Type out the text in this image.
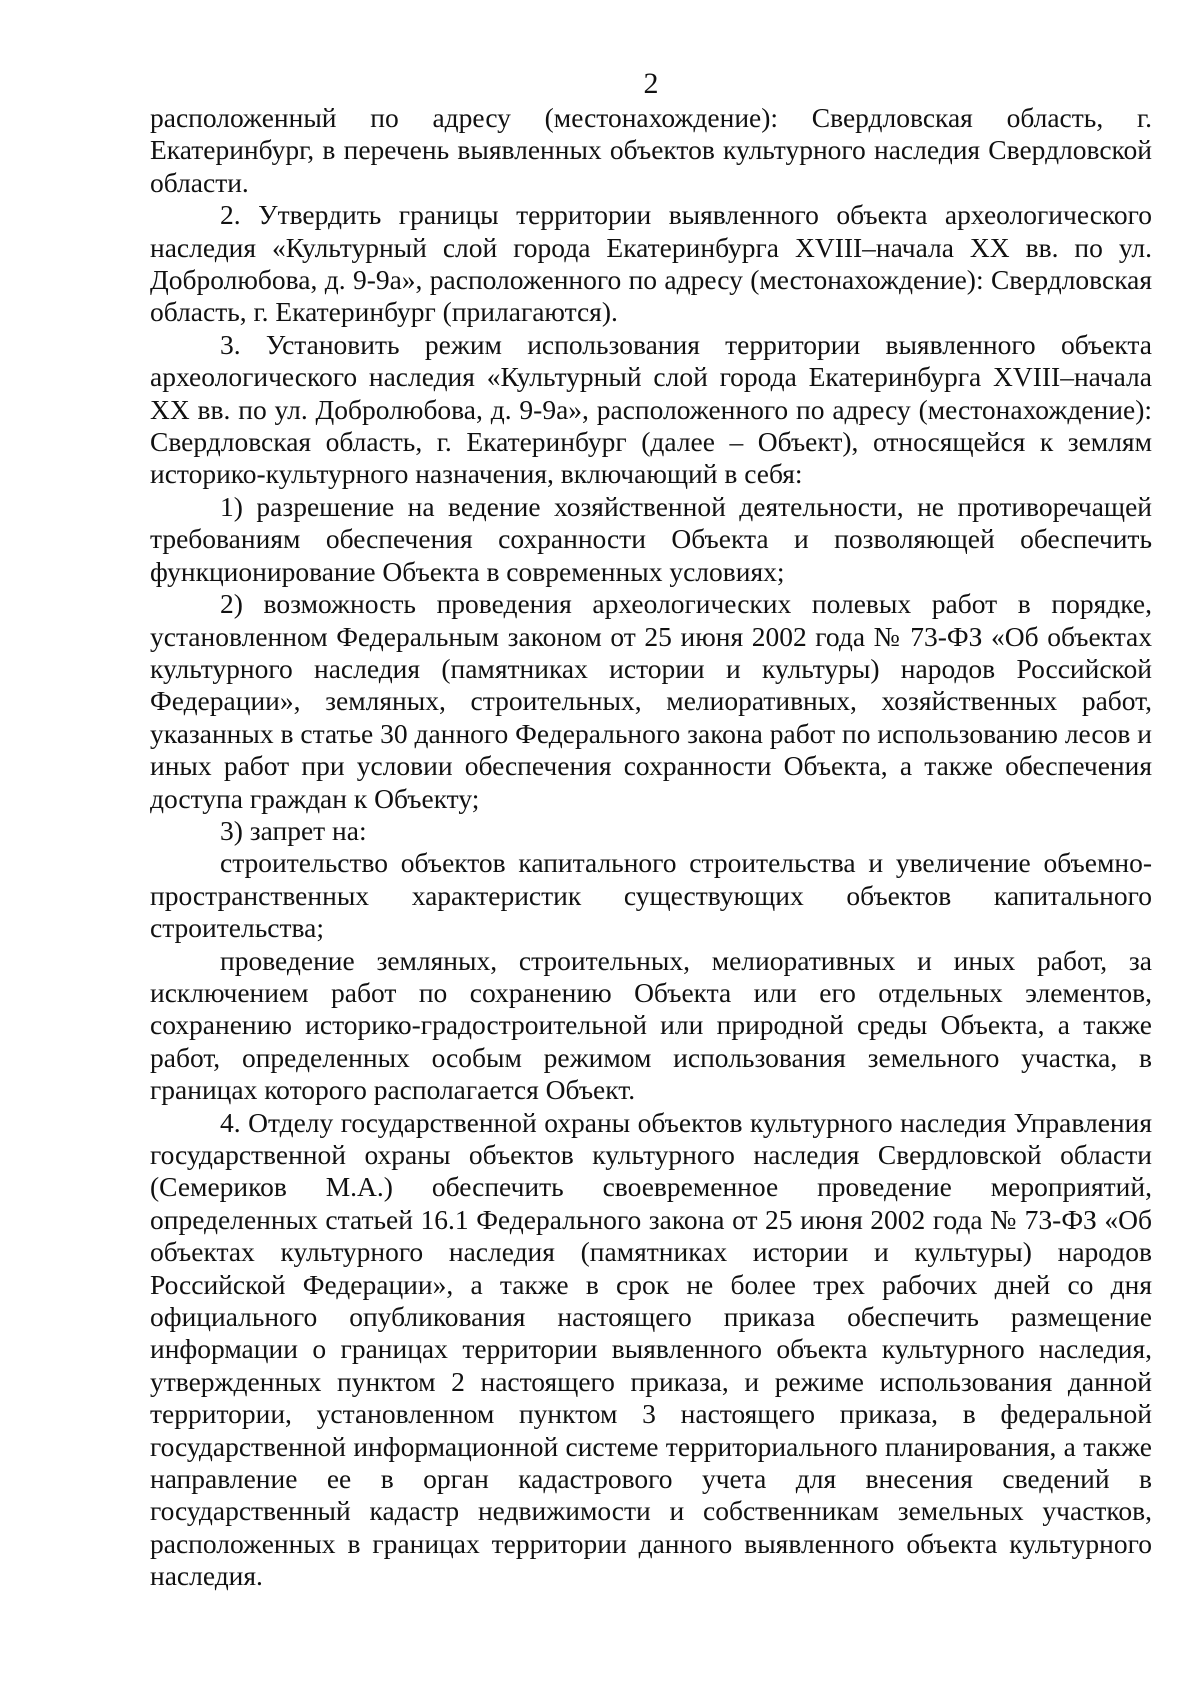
2

расположенный по адресу (местонахождение): Свердловская область, г. Екатеринбург, в перечень выявленных объектов культурного наследия Свердловской области.

2. Утвердить границы территории выявленного объекта археологического наследия «Культурный слой города Екатеринбурга XVIII–начала XX вв. по ул. Добролюбова, д. 9-9а», расположенного по адресу (местонахождение): Свердловская область, г. Екатеринбург (прилагаются).

3. Установить режим использования территории выявленного объекта археологического наследия «Культурный слой города Екатеринбурга XVIII–начала XX вв. по ул. Добролюбова, д. 9-9а», расположенного по адресу (местонахождение): Свердловская область, г. Екатеринбург (далее – Объект), относящейся к землям историко-культурного назначения, включающий в себя:

1) разрешение на ведение хозяйственной деятельности, не противоречащей требованиям обеспечения сохранности Объекта и позволяющей обеспечить функционирование Объекта в современных условиях;

2) возможность проведения археологических полевых работ в порядке, установленном Федеральным законом от 25 июня 2002 года № 73-ФЗ «Об объектах культурного наследия (памятниках истории и культуры) народов Российской Федерации», земляных, строительных, мелиоративных, хозяйственных работ, указанных в статье 30 данного Федерального закона работ по использованию лесов и иных работ при условии обеспечения сохранности Объекта, а также обеспечения доступа граждан к Объекту;

3) запрет на:

строительство объектов капитального строительства и увеличение объемно-пространственных характеристик существующих объектов капитального строительства;

проведение земляных, строительных, мелиоративных и иных работ, за исключением работ по сохранению Объекта или его отдельных элементов, сохранению историко-градостроительной или природной среды Объекта, а также работ, определенных особым режимом использования земельного участка, в границах которого располагается Объект.

4. Отделу государственной охраны объектов культурного наследия Управления государственной охраны объектов культурного наследия Свердловской области (Семериков М.А.) обеспечить своевременное проведение мероприятий, определенных статьей 16.1 Федерального закона от 25 июня 2002 года № 73-ФЗ «Об объектах культурного наследия (памятниках истории и культуры) народов Российской Федерации», а также в срок не более трех рабочих дней со дня официального опубликования настоящего приказа обеспечить размещение информации о границах территории выявленного объекта культурного наследия, утвержденных пунктом 2 настоящего приказа, и режиме использования данной территории, установленном пунктом 3 настоящего приказа, в федеральной государственной информационной системе территориального планирования, а также направление ее в орган кадастрового учета для внесения сведений в государственный кадастр недвижимости и собственникам земельных участков, расположенных в границах территории данного выявленного объекта культурного наследия.
